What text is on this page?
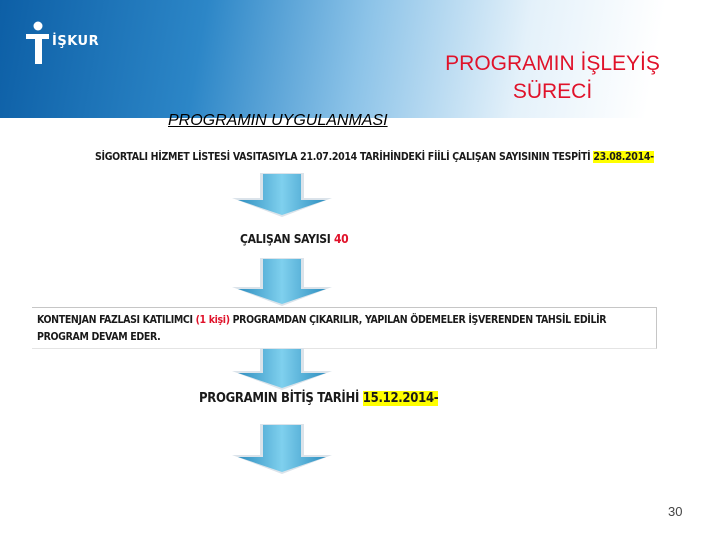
İŞKUR
PROGRAMIN İŞLEYİŞ
SÜRECİ
PROGRAMIN UYGULANMASI
SİGORTALI HİZMET LİSTESİ VASITASIYLA 21.07.2014 TARİHİNDEKİ FİİLİ ÇALIŞAN SAYISININ TESPİTİ 23.08.2014-
ÇALIŞAN SAYISI 40
KONTENJAN FAZLASI KATILIMCI (1 kişi) PROGRAMDAN ÇIKARILIR, YAPILAN ÖDEMELER İŞVERENDEN TAHSİL EDİLİR
PROGRAM DEVAM EDER.
PROGRAMIN BİTİŞ TARİHİ 15.12.2014-
30
